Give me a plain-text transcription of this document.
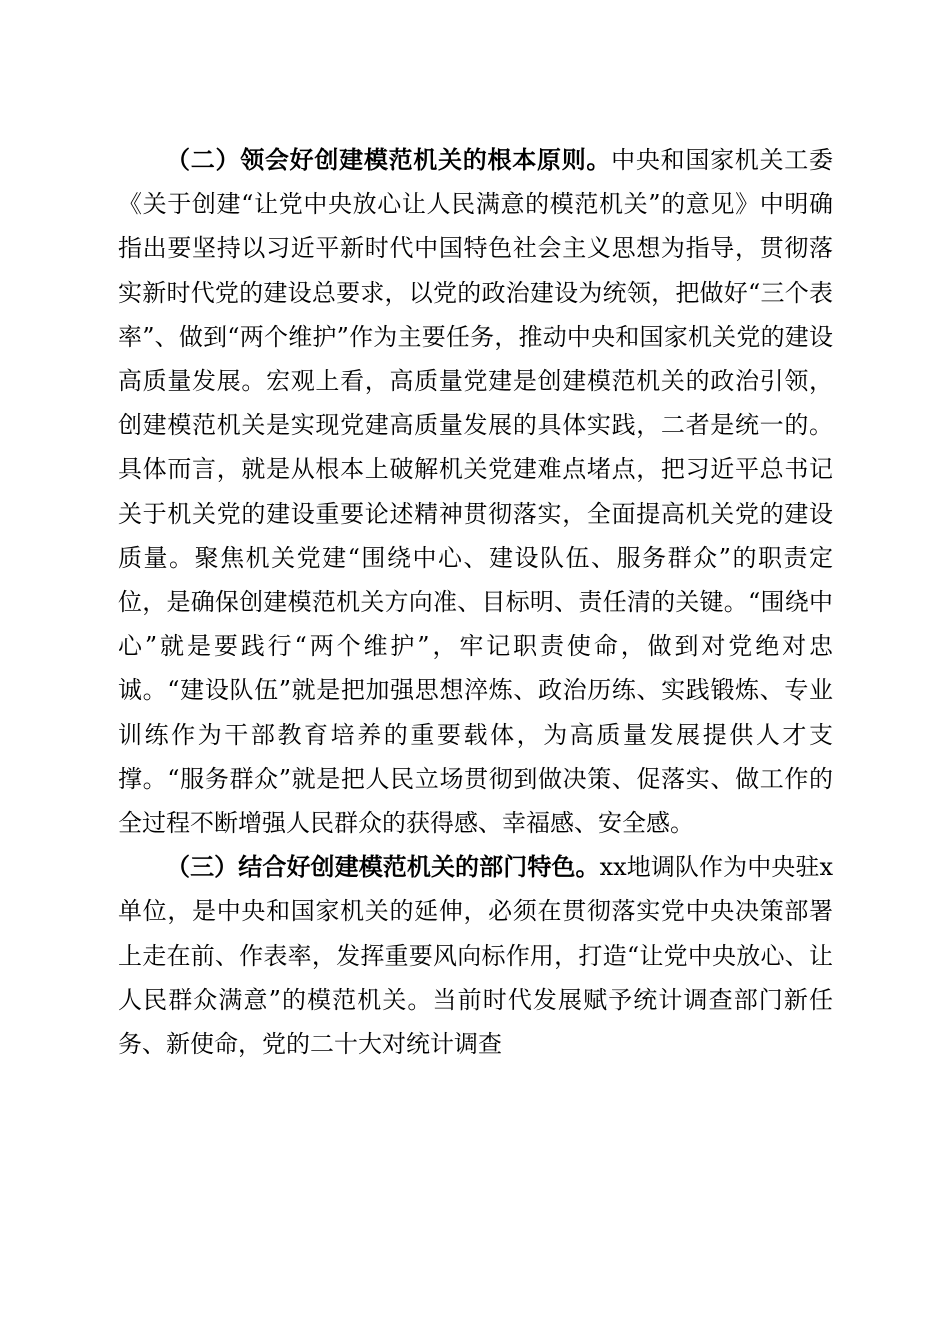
（二）领会好创建模范机关的根本原则。中央和国家机关工委《关于创建“让党中央放心让人民满意的模范机关”的意见》中明确指出要坚持以习近平新时代中国特色社会主义思想为指导，贯彻落实新时代党的建设总要求，以党的政治建设为统领，把做好“三个表率”、做到“两个维护”作为主要任务，推动中央和国家机关党的建设高质量发展。宏观上看，高质量党建是创建模范机关的政治引领，创建模范机关是实现党建高质量发展的具体实践，二者是统一的。具体而言，就是从根本上破解机关党建难点堵点，把习近平总书记关于机关党的建设重要论述精神贯彻落实，全面提高机关党的建设质量。聚焦机关党建“围绕中心、建设队伍、服务群众”的职责定位，是确保创建模范机关方向准、目标明、责任清的关键。“围绕中心”就是要践行“两个维护”，牢记职责使命，做到对党绝对忠诚。“建设队伍”就是把加强思想淬炼、政治历练、实践锻炼、专业训练作为干部教育培养的重要载体，为高质量发展提供人才支撑。“服务群众”就是把人民立场贯彻到做决策、促落实、做工作的全过程不断增强人民群众的获得感、幸福感、安全感。

（三）结合好创建模范机关的部门特色。xx地调队作为中央驻x单位，是中央和国家机关的延伸，必须在贯彻落实党中央决策部署上走在前、作表率，发挥重要风向标作用，打造“让党中央放心、让人民群众满意”的模范机关。当前时代发展赋予统计调查部门新任务、新使命，党的二十大对统计调查
